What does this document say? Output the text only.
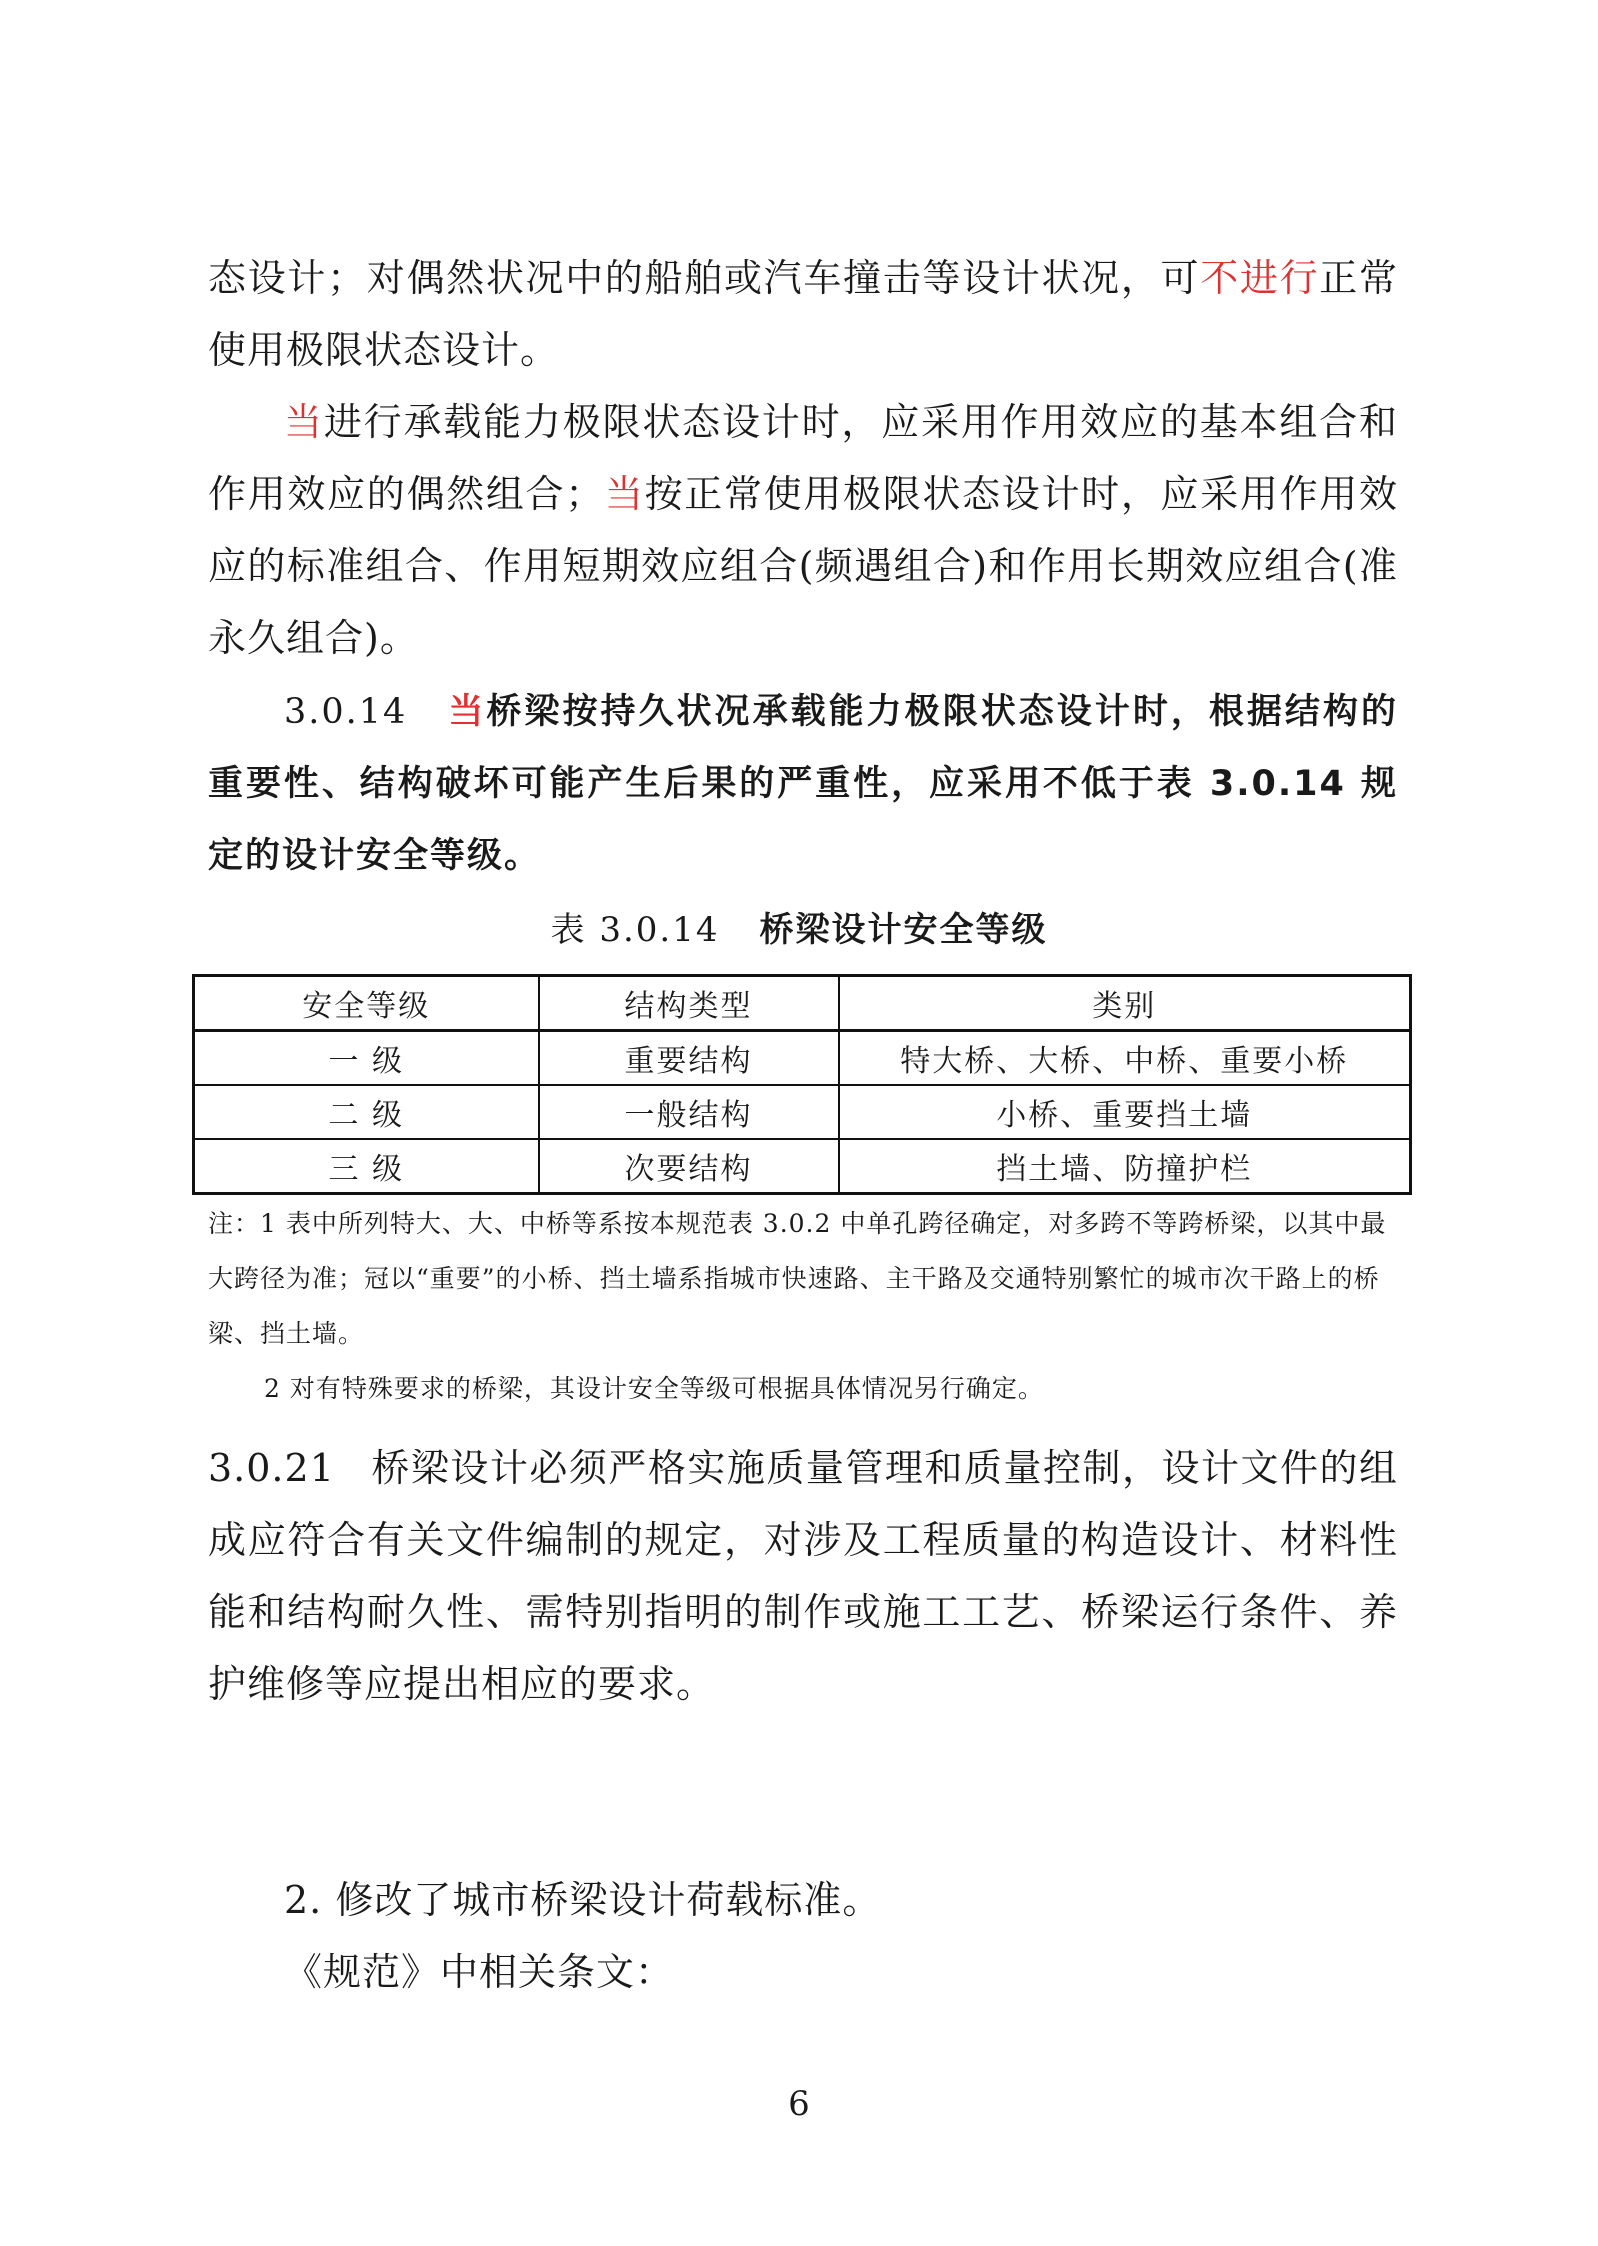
态设计；对偶然状况中的船舶或汽车撞击等设计状况，可不进行正常使用极限状态设计。
当进行承载能力极限状态设计时，应采用作用效应的基本组合和作用效应的偶然组合；当按正常使用极限状态设计时，应采用作用效应的标准组合、作用短期效应组合(频遇组合)和作用长期效应组合(准永久组合)。
3.0.14 当桥梁按持久状况承载能力极限状态设计时，根据结构的重要性、结构破坏可能产生后果的严重性，应采用不低于表 3.0.14 规定的设计安全等级。
表 3.0.14 桥梁设计安全等级
安全等级	结构类型	类别
一 级	重要结构	特大桥、大桥、中桥、重要小桥
二 级	一般结构	小桥、重要挡土墙
三 级	次要结构	挡土墙、防撞护栏
注：1 表中所列特大、大、中桥等系按本规范表 3.0.2 中单孔跨径确定，对多跨不等跨桥梁，以其中最大跨径为准；冠以“重要”的小桥、挡土墙系指城市快速路、主干路及交通特别繁忙的城市次干路上的桥梁、挡土墙。
2 对有特殊要求的桥梁，其设计安全等级可根据具体情况另行确定。
3.0.21 桥梁设计必须严格实施质量管理和质量控制，设计文件的组成应符合有关文件编制的规定，对涉及工程质量的构造设计、材料性能和结构耐久性、需特别指明的制作或施工工艺、桥梁运行条件、养护维修等应提出相应的要求。
2. 修改了城市桥梁设计荷载标准。
《规范》中相关条文：
6
